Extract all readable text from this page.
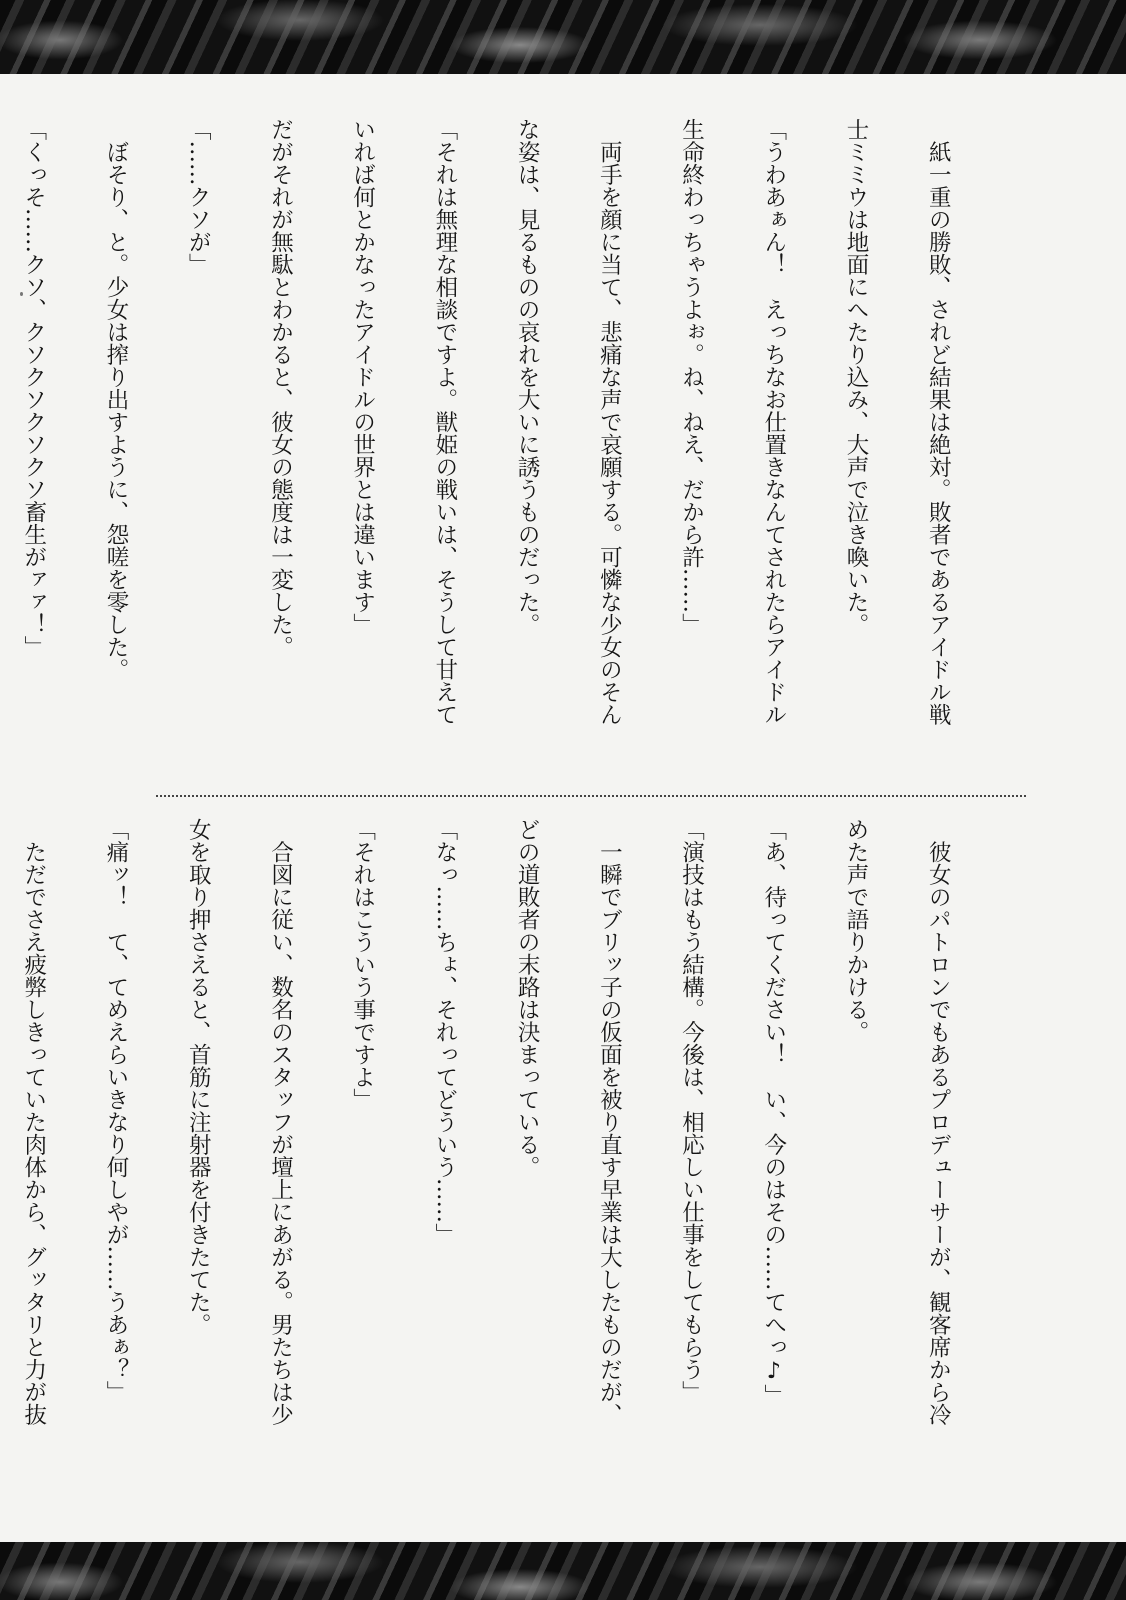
　紙一重の勝敗、されど結果は絶対。敗者であるアイドル戦

士ミミウは地面にへたり込み、大声で泣き喚いた。

「うわあぁん！　えっちなお仕置きなんてされたらアイドル

生命終わっちゃうよぉ。ね、ねえ、だから許……」

　両手を顔に当て、悲痛な声で哀願する。可憐な少女のそん

な姿は、見るものの哀れを大いに誘うものだった。

「それは無理な相談ですよ。獣姫の戦いは、そうして甘えて

いれば何とかなったアイドルの世界とは違います」

だがそれが無駄とわかると、彼女の態度は一変した。

「……クソが」

　ぼそり、と。少女は搾り出すように、怨嗟を零した。

「くっそ……クソ、クソクソクソクソ畜生がァァ！」

　彼女のパトロンでもあるプロデューサーが、観客席から冷

めた声で語りかける。

「あ、待ってください！　い、今のはその……てへっ♪」

「演技はもう結構。今後は、相応しい仕事をしてもらう」

　一瞬でブリッ子の仮面を被り直す早業は大したものだが、

どの道敗者の末路は決まっている。

「なっ……ちょ、それってどういう……」

「それはこういう事ですよ」

　合図に従い、数名のスタッフが壇上にあがる。男たちは少

女を取り押さえると、首筋に注射器を付きたてた。

「痛ッ！　て、てめえらいきなり何しやが……うあぁ？」

　ただでさえ疲弊しきっていた肉体から、グッタリと力が抜
